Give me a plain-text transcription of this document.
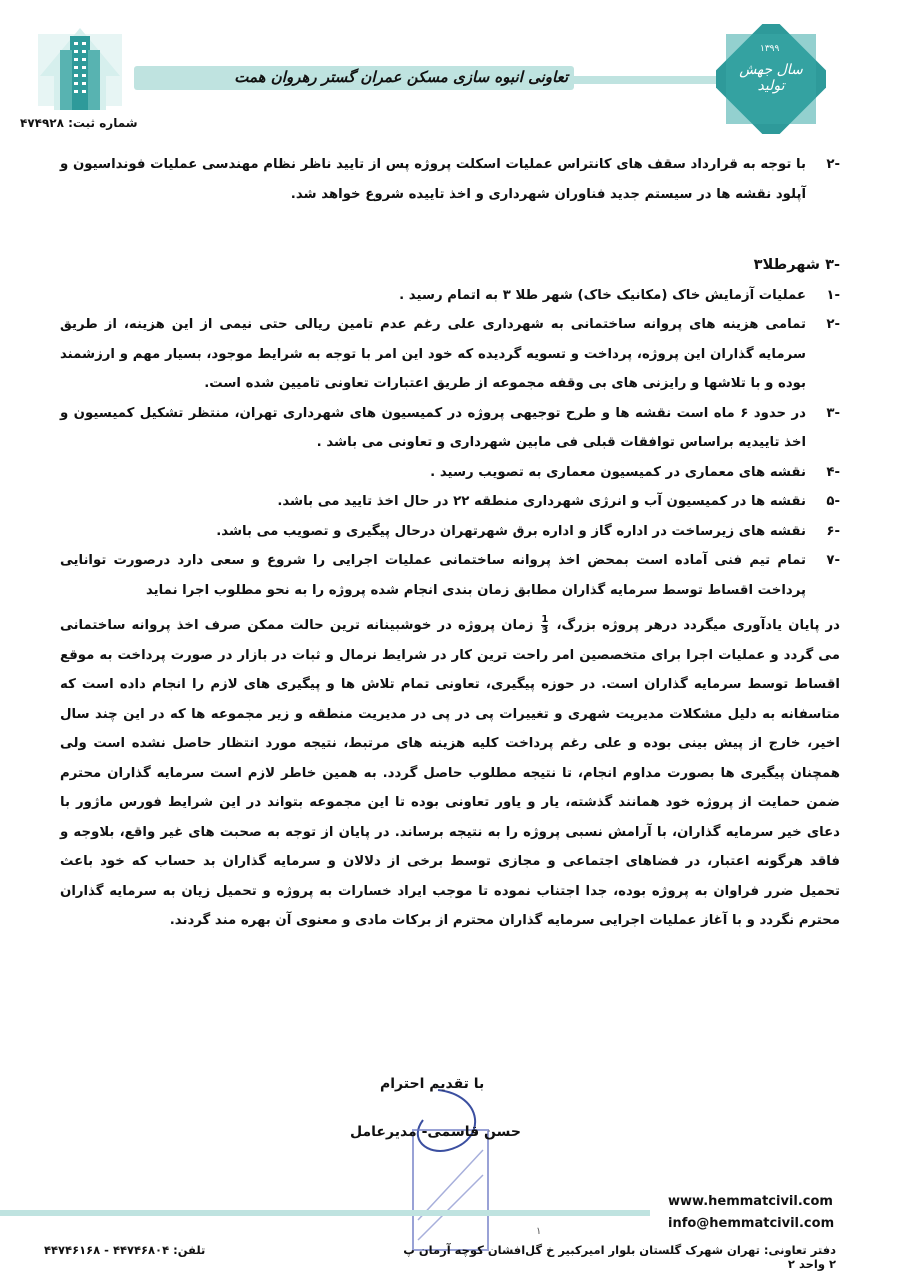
شماره ثبت: ۴۷۴۹۲۸
تعاونی انبوه سازی مسکن عمران گستر رهروان همت
۱۳۹۹
سال جهش تولید
-۲
با توجه به قرارداد سقف های کانتراس عملیات اسکلت پروژه پس از تایید ناظر نظام مهندسی عملیات فونداسیون و آپلود نقشه ها در سیستم جدید فناوران شهرداری و اخذ تاییده شروع خواهد شد.
-۳ شهرطلا۳
-۱
عملیات آزمایش خاک (مکانیک خاک) شهر طلا ۳ به اتمام رسید .
-۲
تمامی هزینه های پروانه ساختمانی به شهرداری علی رغم عدم تامین ریالی حتی نیمی از این هزینه، از طریق سرمایه گذاران این پروژه، پرداخت و تسویه گردیده که خود این امر با توجه به شرایط موجود، بسیار مهم و ارزشمند بوده و با تلاشها و رایزنی های بی وقفه مجموعه از طریق اعتبارات تعاونی تامیین شده است.
-۳
در حدود ۶ ماه است نقشه ها و طرح توجیهی پروژه در کمیسیون های شهرداری تهران، منتظر تشکیل کمیسیون و اخذ تاییدیه براساس توافقات قبلی فی مابین شهرداری و تعاونی می باشد .
-۴
نقشه های معماری در کمیسیون معماری به تصویب رسید .
-۵
نقشه ها در کمیسیون آب و انرژی شهرداری منطقه ۲۲ در حال اخذ تایید می باشد.
-۶
نقشه های زیرساخت در اداره گاز و اداره برق شهرتهران درحال پیگیری و تصویب می باشد.
-۷
تمام تیم فنی آماده است بمحض اخذ پروانه ساختمانی عملیات اجرایی را شروع و سعی دارد درصورت توانایی پرداخت اقساط توسط سرمایه گذاران مطابق زمان بندی انجام شده پروژه را به نحو مطلوب اجرا نماید
در پایان یادآوری میگردد درهر پروژه بزرگ،
$\frac{1}{3}$
زمان پروژه در خوشبینانه ترین حالت ممکن صرف اخذ پروانه ساختمانی می گردد و عملیات اجرا برای متخصصین امر راحت ترین کار در شرایط نرمال و ثبات در بازار در صورت پرداخت به موقع اقساط توسط سرمایه گذاران است. در حوزه پیگیری، تعاونی تمام تلاش ها و پیگیری های لازم را انجام داده است که متاسفانه به دلیل مشکلات مدیریت شهری و تغییرات پی در پی در مدیریت منطقه و زیر مجموعه ها که در این چند سال اخیر، خارج از پیش بینی بوده و علی رغم پرداخت کلیه هزینه های مرتبط، نتیجه مورد انتظار حاصل نشده است ولی همچنان پیگیری ها بصورت مداوم انجام، تا نتیجه مطلوب حاصل گردد. به همین خاطر لازم است سرمایه گذاران محترم ضمن حمایت از پروژه خود همانند گذشته، یار و یاور تعاونی بوده تا این مجموعه بتواند در این شرایط فورس ماژور با دعای خیر سرمایه گذاران، با آرامش نسبی پروژه را به نتیجه برساند. در پایان از توجه به صحبت های غیر واقع، بلاوجه و فاقد هرگونه اعتبار، در فضاهای اجتماعی و مجازی توسط برخی از دلالان و سرمایه گذاران بد حساب که خود باعث تحمیل ضرر فراوان به پروژه بوده، جدا اجتناب نموده تا موجب ایراد خسارات به پروژه و تحمیل زیان به سرمایه گذاران محترم نگردد و با آغاز عملیات اجرایی سرمایه گذاران محترم از برکات مادی و معنوی آن بهره مند گردند.
با تقدیم احترام
حسن قاسمی- مدیرعامل
www.hemmatcivil.com
info@hemmatcivil.com
۱
دفتر تعاونی: تهران شهرک گلستان بلوار امیرکبیر خ گل‌افشان کوچه آرمان پ ۲ واحد ۲
تلفن: ۴۴۷۴۶۸۰۴ - ۴۴۷۴۶۱۶۸
